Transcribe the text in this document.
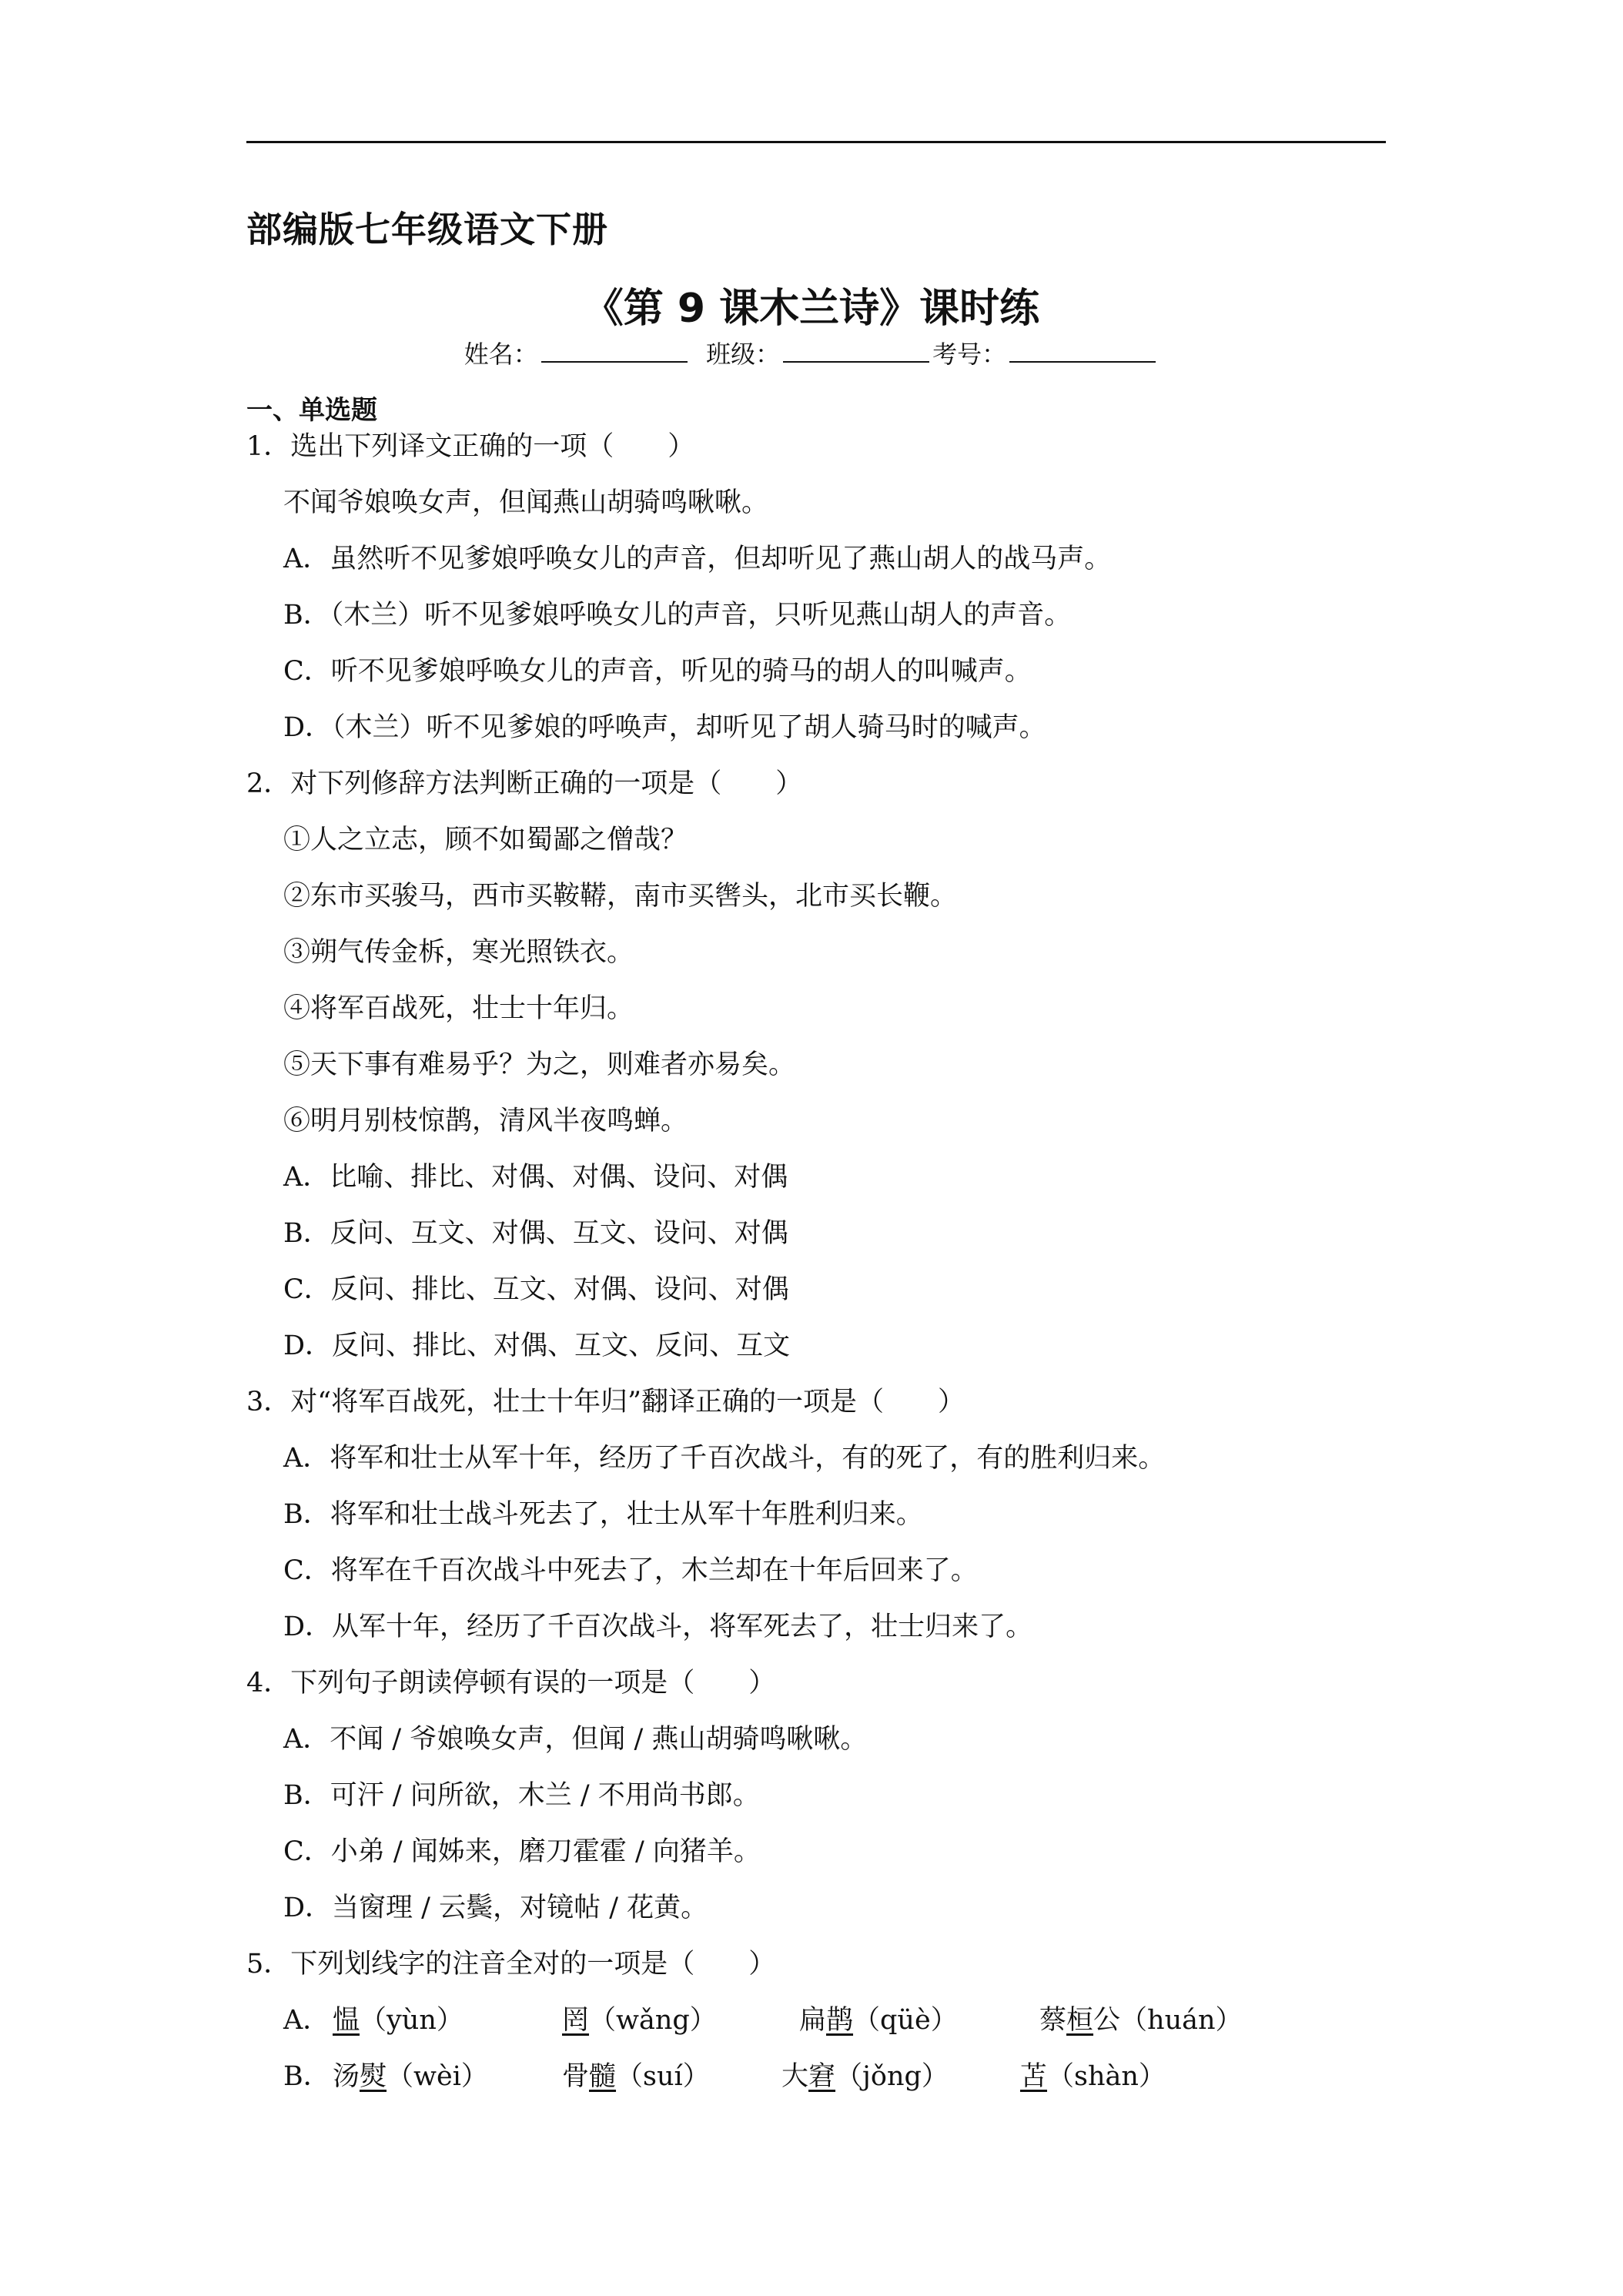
部编版七年级语文下册
《第 9 课木兰诗》课时练
姓名：	班级：	考号：
一、单选题
1．选出下列译文正确的一项（　　）
不闻爷娘唤女声，但闻燕山胡骑鸣啾啾。
A．虽然听不见爹娘呼唤女儿的声音，但却听见了燕山胡人的战马声。
B．（木兰）听不见爹娘呼唤女儿的声音，只听见燕山胡人的声音。
C．听不见爹娘呼唤女儿的声音，听见的骑马的胡人的叫喊声。
D．（木兰）听不见爹娘的呼唤声，却听见了胡人骑马时的喊声。
2．对下列修辞方法判断正确的一项是（　　）
①人之立志，顾不如蜀鄙之僧哉？
②东市买骏马，西市买鞍鞯，南市买辔头，北市买长鞭。
③朔气传金柝，寒光照铁衣。
④将军百战死，壮士十年归。
⑤天下事有难易乎？为之，则难者亦易矣。
⑥明月别枝惊鹊，清风半夜鸣蝉。
A．比喻、排比、对偶、对偶、设问、对偶
B．反问、互文、对偶、互文、设问、对偶
C．反问、排比、互文、对偶、设问、对偶
D．反问、排比、对偶、互文、反问、互文
3．对“将军百战死，壮士十年归”翻译正确的一项是（　　）
A．将军和壮士从军十年，经历了千百次战斗，有的死了，有的胜利归来。
B．将军和壮士战斗死去了，壮士从军十年胜利归来。
C．将军在千百次战斗中死去了，木兰却在十年后回来了。
D．从军十年，经历了千百次战斗，将军死去了，壮士归来了。
4．下列句子朗读停顿有误的一项是（　　）
A．不闻 / 爷娘唤女声，但闻 / 燕山胡骑鸣啾啾。
B．可汗 / 问所欲，木兰 / 不用尚书郎。
C．小弟 / 闻姊来，磨刀霍霍 / 向猪羊。
D．当窗理 / 云鬓，对镜帖 / 花黄。
5．下列划线字的注音全对的一项是（　　）
A． 愠（yùn）	罔（wǎng）	扁鹊（qüè）	蔡桓公（huán）
B． 汤熨（wèi）	骨髓（suí）	大窘（jǒng）	苫（shàn）
